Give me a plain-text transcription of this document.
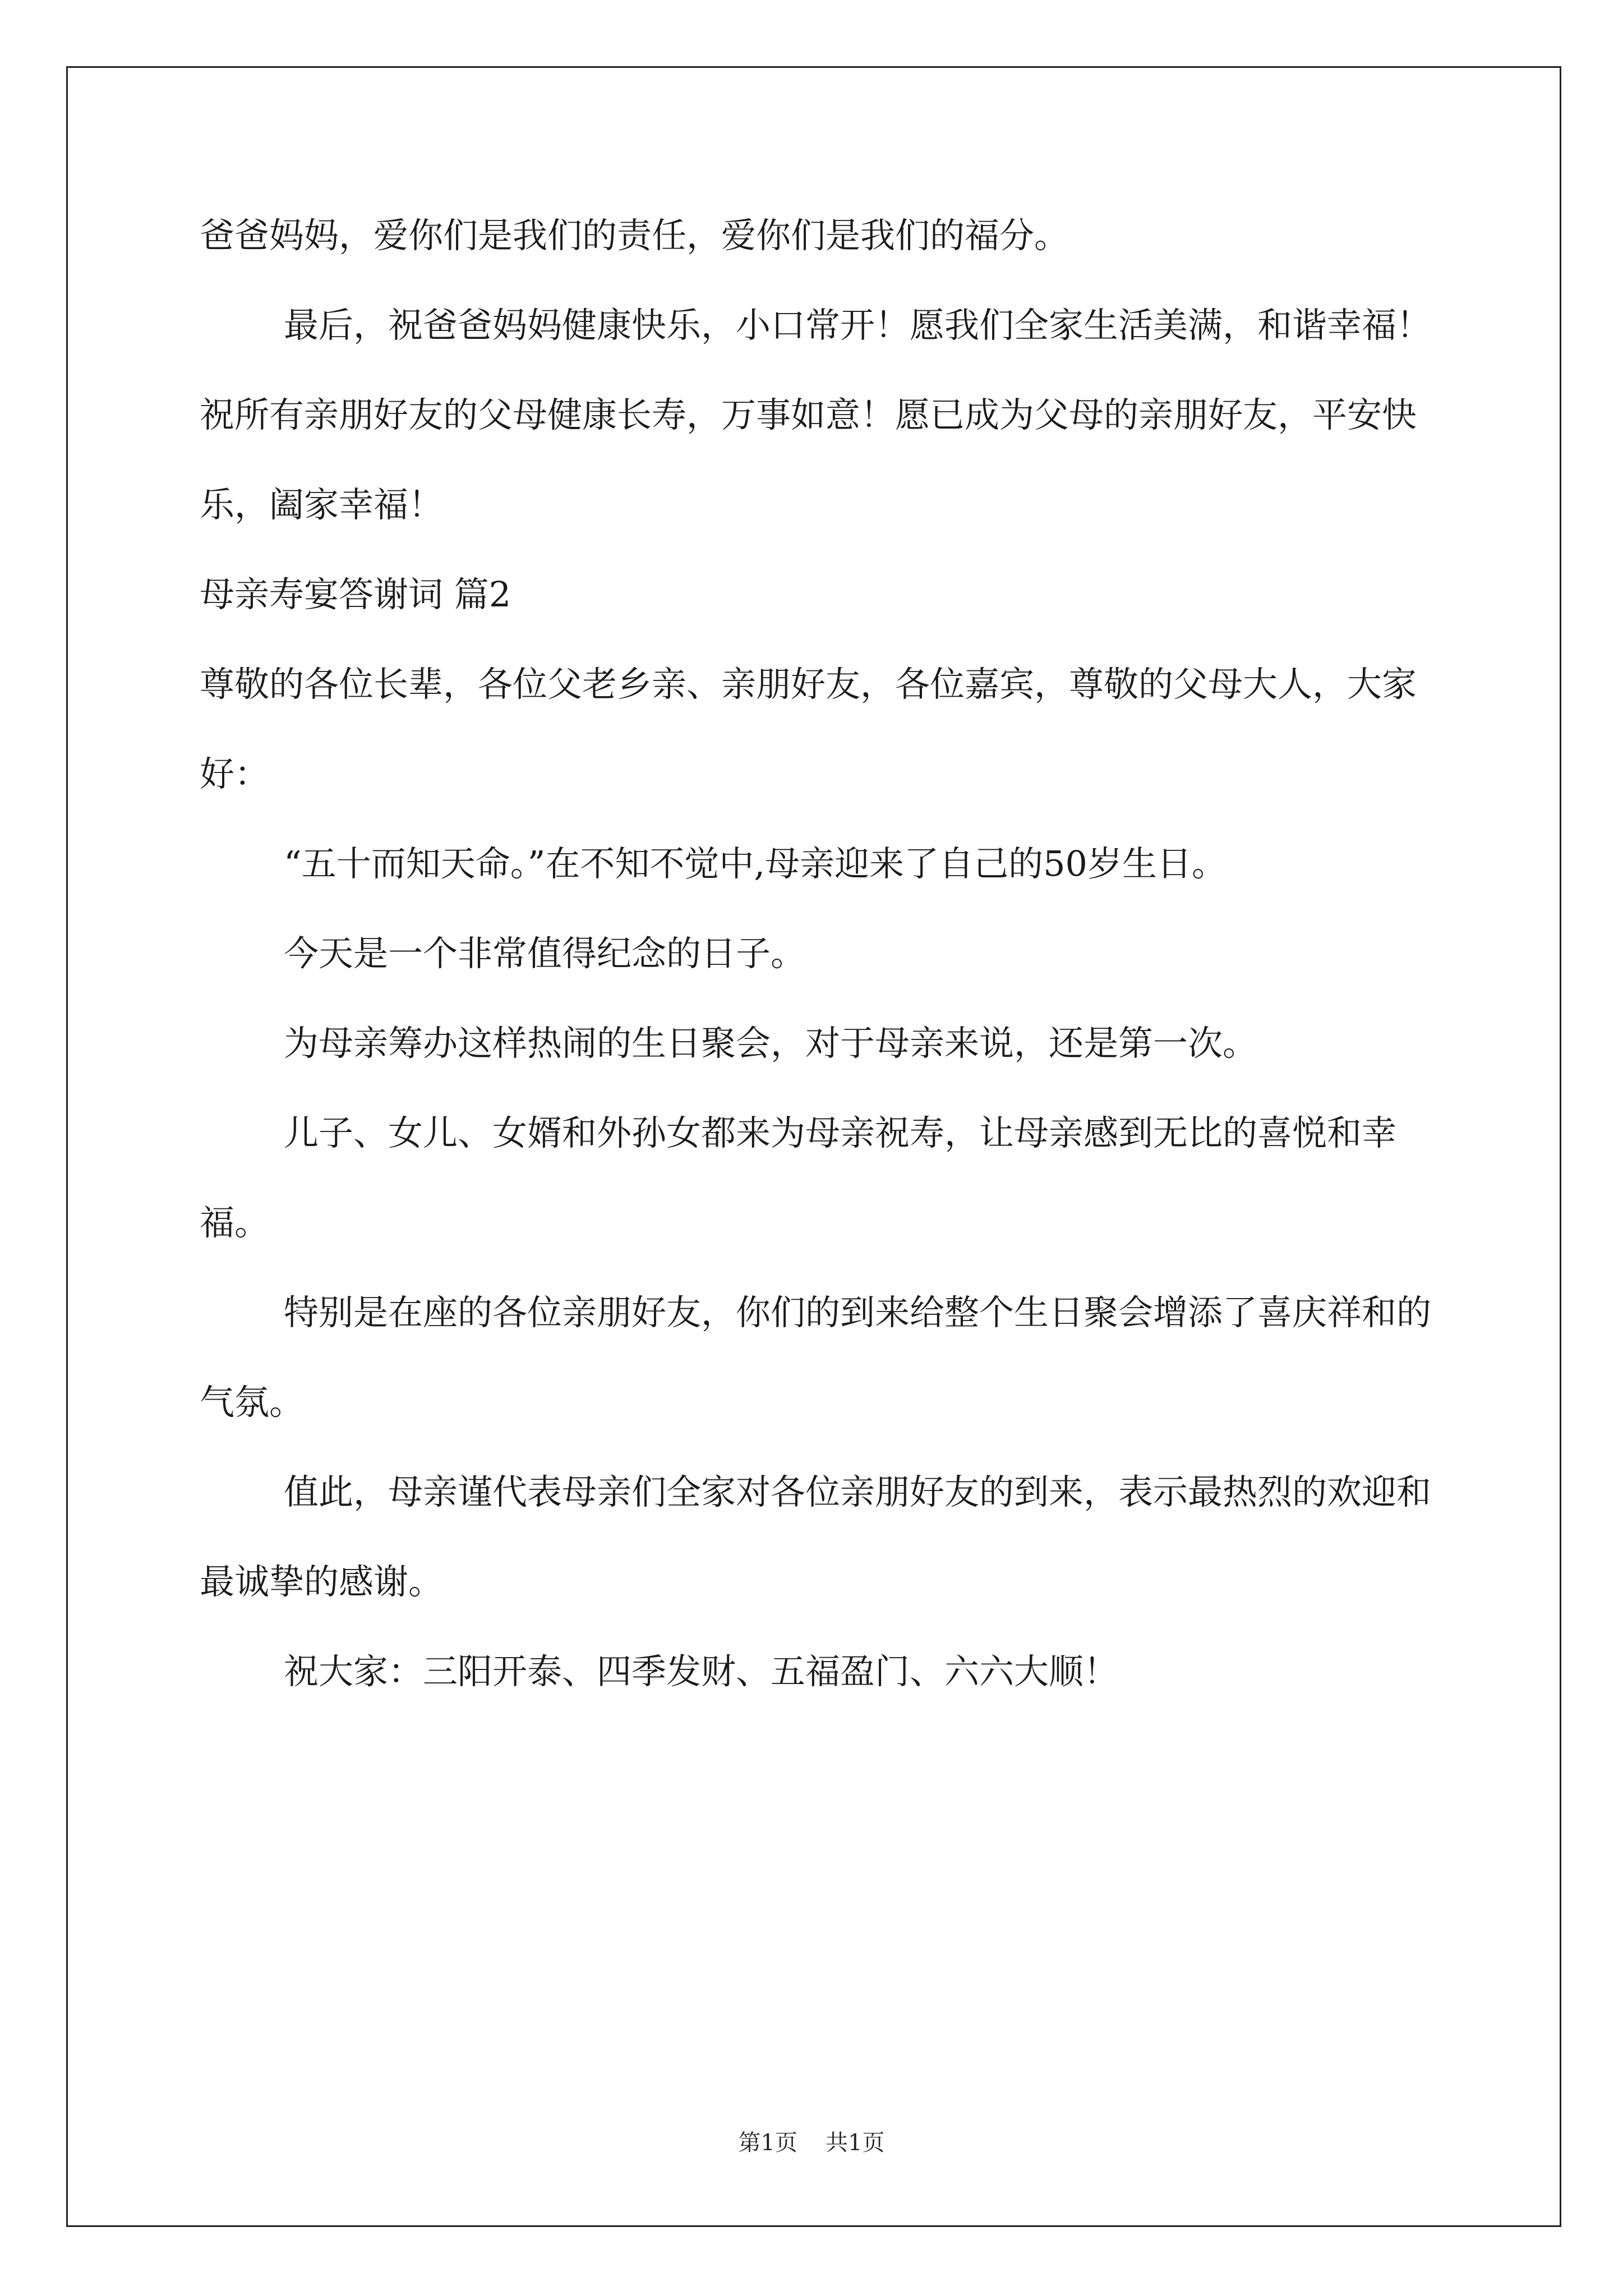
爸爸妈妈，爱你们是我们的责任，爱你们是我们的福分。

最后，祝爸爸妈妈健康快乐，小口常开！愿我们全家生活美满，和谐幸福！祝所有亲朋好友的父母健康长寿，万事如意！愿已成为父母的亲朋好友，平安快乐，阖家幸福！

母亲寿宴答谢词 篇2

尊敬的各位长辈，各位父老乡亲、亲朋好友，各位嘉宾，尊敬的父母大人，大家好：

“五十而知天命。”在不知不觉中,母亲迎来了自己的50岁生日。

今天是一个非常值得纪念的日子。

为母亲筹办这样热闹的生日聚会，对于母亲来说，还是第一次。

儿子、女儿、女婿和外孙女都来为母亲祝寿，让母亲感到无比的喜悦和幸福。

特别是在座的各位亲朋好友，你们的到来给整个生日聚会增添了喜庆祥和的气氛。

值此，母亲谨代表母亲们全家对各位亲朋好友的到来，表示最热烈的欢迎和最诚挚的感谢。

祝大家：三阳开泰、四季发财、五福盈门、六六大顺！

第1页 共1页
